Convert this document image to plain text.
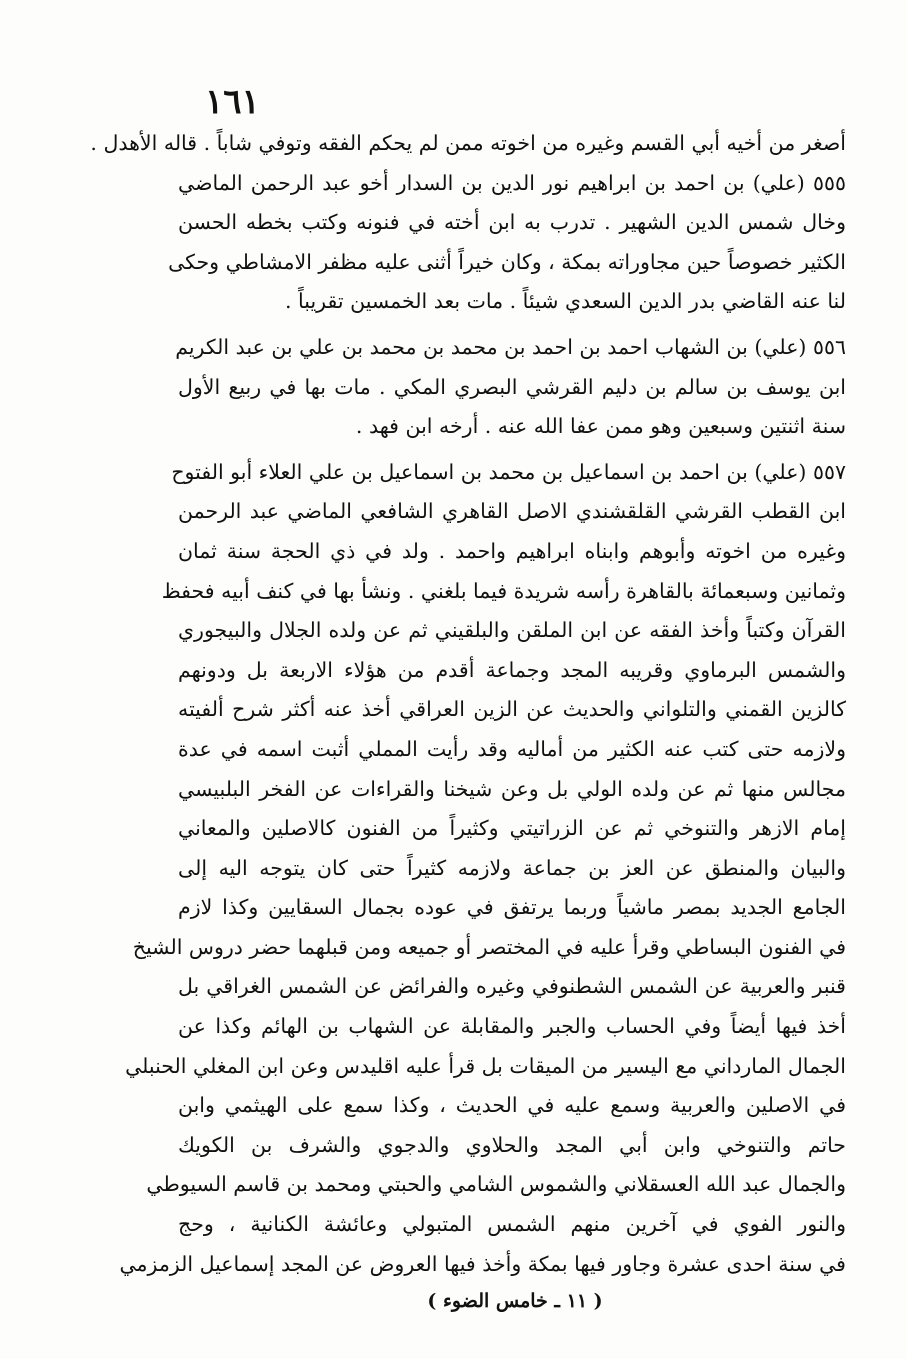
١٦١
أصغر من أخيه أبي القسم وغيره من اخوته ممن لم يحكم الفقه وتوفي شاباً . قاله الأهدل .
٥٥٥ (علي) بن احمد بن ابراهيم نور الدين بن السدار أخو عبد الرحمن الماضي
وخال شمس الدين الشهير . تدرب به ابن أخته في فنونه وكتب بخطه الحسن
الكثير خصوصاً حين مجاوراته بمكة ، وكان خيراً أثنى عليه مظفر الامشاطي وحكى
لنا عنه القاضي بدر الدين السعدي شيئاً . مات بعد الخمسين تقريباً .
٥٥٦ (علي) بن الشهاب احمد بن احمد بن محمد بن محمد بن علي بن عبد الكريم
ابن يوسف بن سالم بن دليم القرشي البصري المكي . مات بها في ربيع الأول
سنة اثنتين وسبعين وهو ممن عفا الله عنه . أرخه ابن فهد .
٥٥٧ (علي) بن احمد بن اسماعيل بن محمد بن اسماعيل بن علي العلاء أبو الفتوح
ابن القطب القرشي القلقشندي الاصل القاهري الشافعي الماضي عبد الرحمن
وغيره من اخوته وأبوهم وابناه ابراهيم واحمد . ولد في ذي الحجة سنة ثمان
وثمانين وسبعمائة بالقاهرة رأسه شريدة فيما بلغني . ونشأ بها في كنف أبيه فحفظ
القرآن وكتباً وأخذ الفقه عن ابن الملقن والبلقيني ثم عن ولده الجلال والبيجوري
والشمس البرماوي وقريبه المجد وجماعة أقدم من هؤلاء الاربعة بل ودونهم
كالزين القمني والتلواني والحديث عن الزين العراقي أخذ عنه أكثر شرح ألفيته
ولازمه حتى كتب عنه الكثير من أماليه وقد رأيت المملي أثبت اسمه في عدة
مجالس منها ثم عن ولده الولي بل وعن شيخنا والقراءات عن الفخر البلبيسي
إمام الازهر والتنوخي ثم عن الزراتيتي وكثيراً من الفنون كالاصلين والمعاني
والبيان والمنطق عن العز بن جماعة ولازمه كثيراً حتى كان يتوجه اليه إلى
الجامع الجديد بمصر ماشياً وربما يرتفق في عوده بجمال السقايين وكذا لازم
في الفنون البساطي وقرأ عليه في المختصر أو جميعه ومن قبلهما حضر دروس الشيخ
قنبر والعربية عن الشمس الشطنوفي وغيره والفرائض عن الشمس الغراقي بل
أخذ فيها أيضاً وفي الحساب والجبر والمقابلة عن الشهاب بن الهائم وكذا عن
الجمال المارداني مع اليسير من الميقات بل قرأ عليه اقليدس وعن ابن المغلي الحنبلي
في الاصلين والعربية وسمع عليه في الحديث ، وكذا سمع على الهيثمي وابن
حاتم والتنوخي وابن أبي المجد والحلاوي والدجوي والشرف بن الكويك
والجمال عبد الله العسقلاني والشموس الشامي والحبتي ومحمد بن قاسم السيوطي
والنور الفوي في آخرين منهم الشمس المتبولي وعائشة الكنانية ، وحج
في سنة احدى عشرة وجاور فيها بمكة وأخذ فيها العروض عن المجد إسماعيل الزمزمي
( ١١ ـ خامس الضوء )
